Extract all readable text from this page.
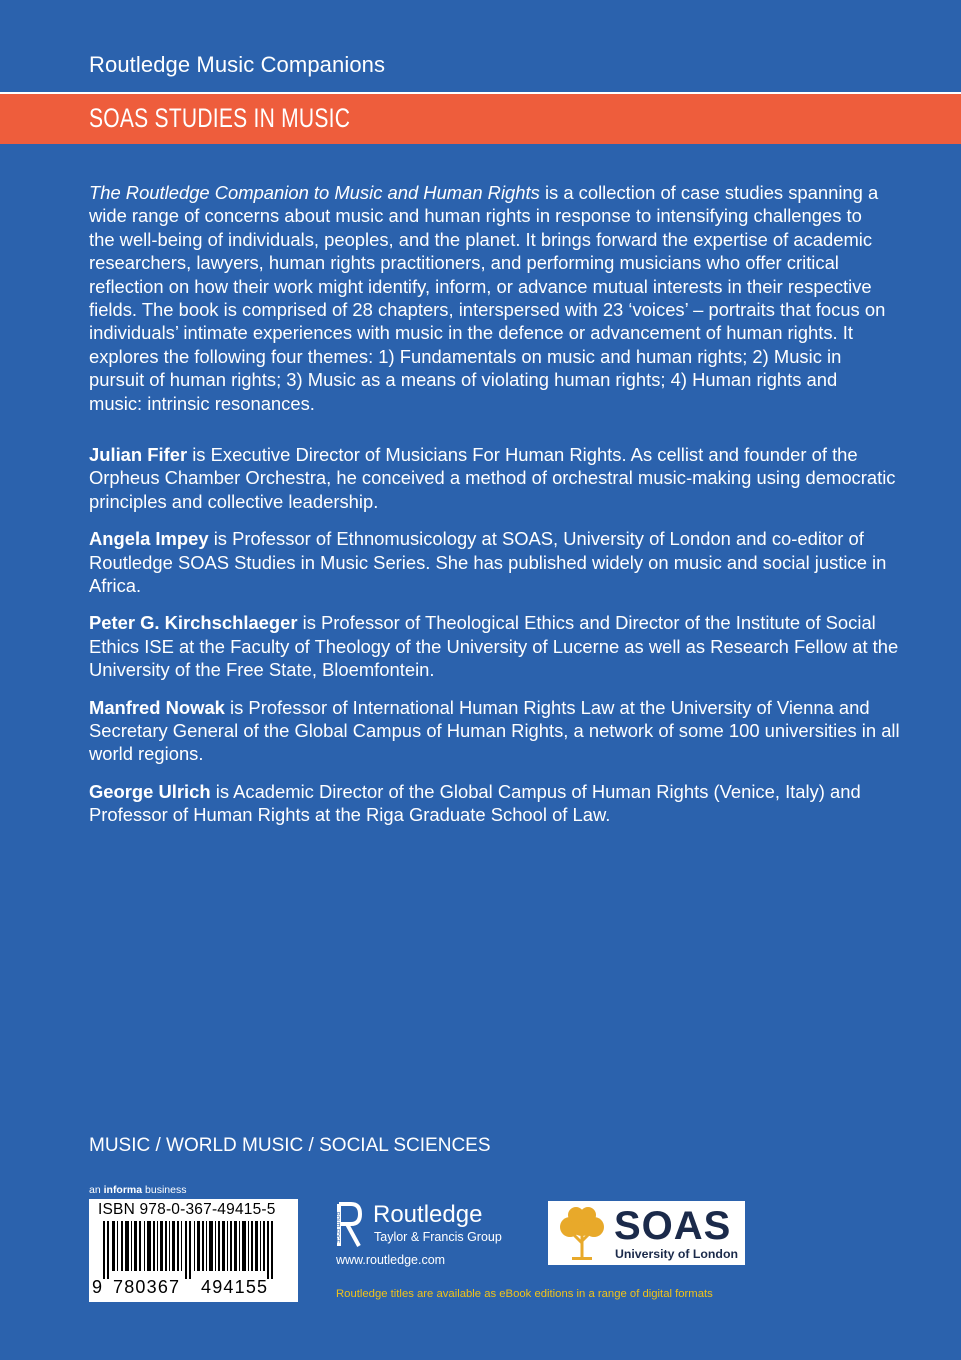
Routledge Music Companions
SOAS STUDIES IN MUSIC

The Routledge Companion to Music and Human Rights is a collection of case studies spanning a wide range of concerns about music and human rights in response to intensifying challenges to the well-being of individuals, peoples, and the planet. It brings forward the expertise of academic researchers, lawyers, human rights practitioners, and performing musicians who offer critical reflection on how their work might identify, inform, or advance mutual interests in their respective fields. The book is comprised of 28 chapters, interspersed with 23 ‘voices’ – portraits that focus on individuals’ intimate experiences with music in the defence or advancement of human rights. It explores the following four themes: 1) Fundamentals on music and human rights; 2) Music in pursuit of human rights; 3) Music as a means of violating human rights; 4) Human rights and music: intrinsic resonances.

Julian Fifer is Executive Director of Musicians For Human Rights. As cellist and founder of the Orpheus Chamber Orchestra, he conceived a method of orchestral music-making using democratic principles and collective leadership.

Angela Impey is Professor of Ethnomusicology at SOAS, University of London and co-editor of Routledge SOAS Studies in Music Series. She has published widely on music and social justice in Africa.

Peter G. Kirchschlaeger is Professor of Theological Ethics and Director of the Institute of Social Ethics ISE at the Faculty of Theology of the University of Lucerne as well as Research Fellow at the University of the Free State, Bloemfontein.

Manfred Nowak is Professor of International Human Rights Law at the University of Vienna and Secretary General of the Global Campus of Human Rights, a network of some 100 universities in all world regions.

George Ulrich is Academic Director of the Global Campus of Human Rights (Venice, Italy) and Professor of Human Rights at the Riga Graduate School of Law.

MUSIC / WORLD MUSIC / SOCIAL SCIENCES
an informa business
ISBN 978-0-367-49415-5
9 780367 494155
ROUTLEDGE Routledge
Taylor & Francis Group
www.routledge.com
Routledge titles are available as eBook editions in a range of digital formats
SOAS
University of London
